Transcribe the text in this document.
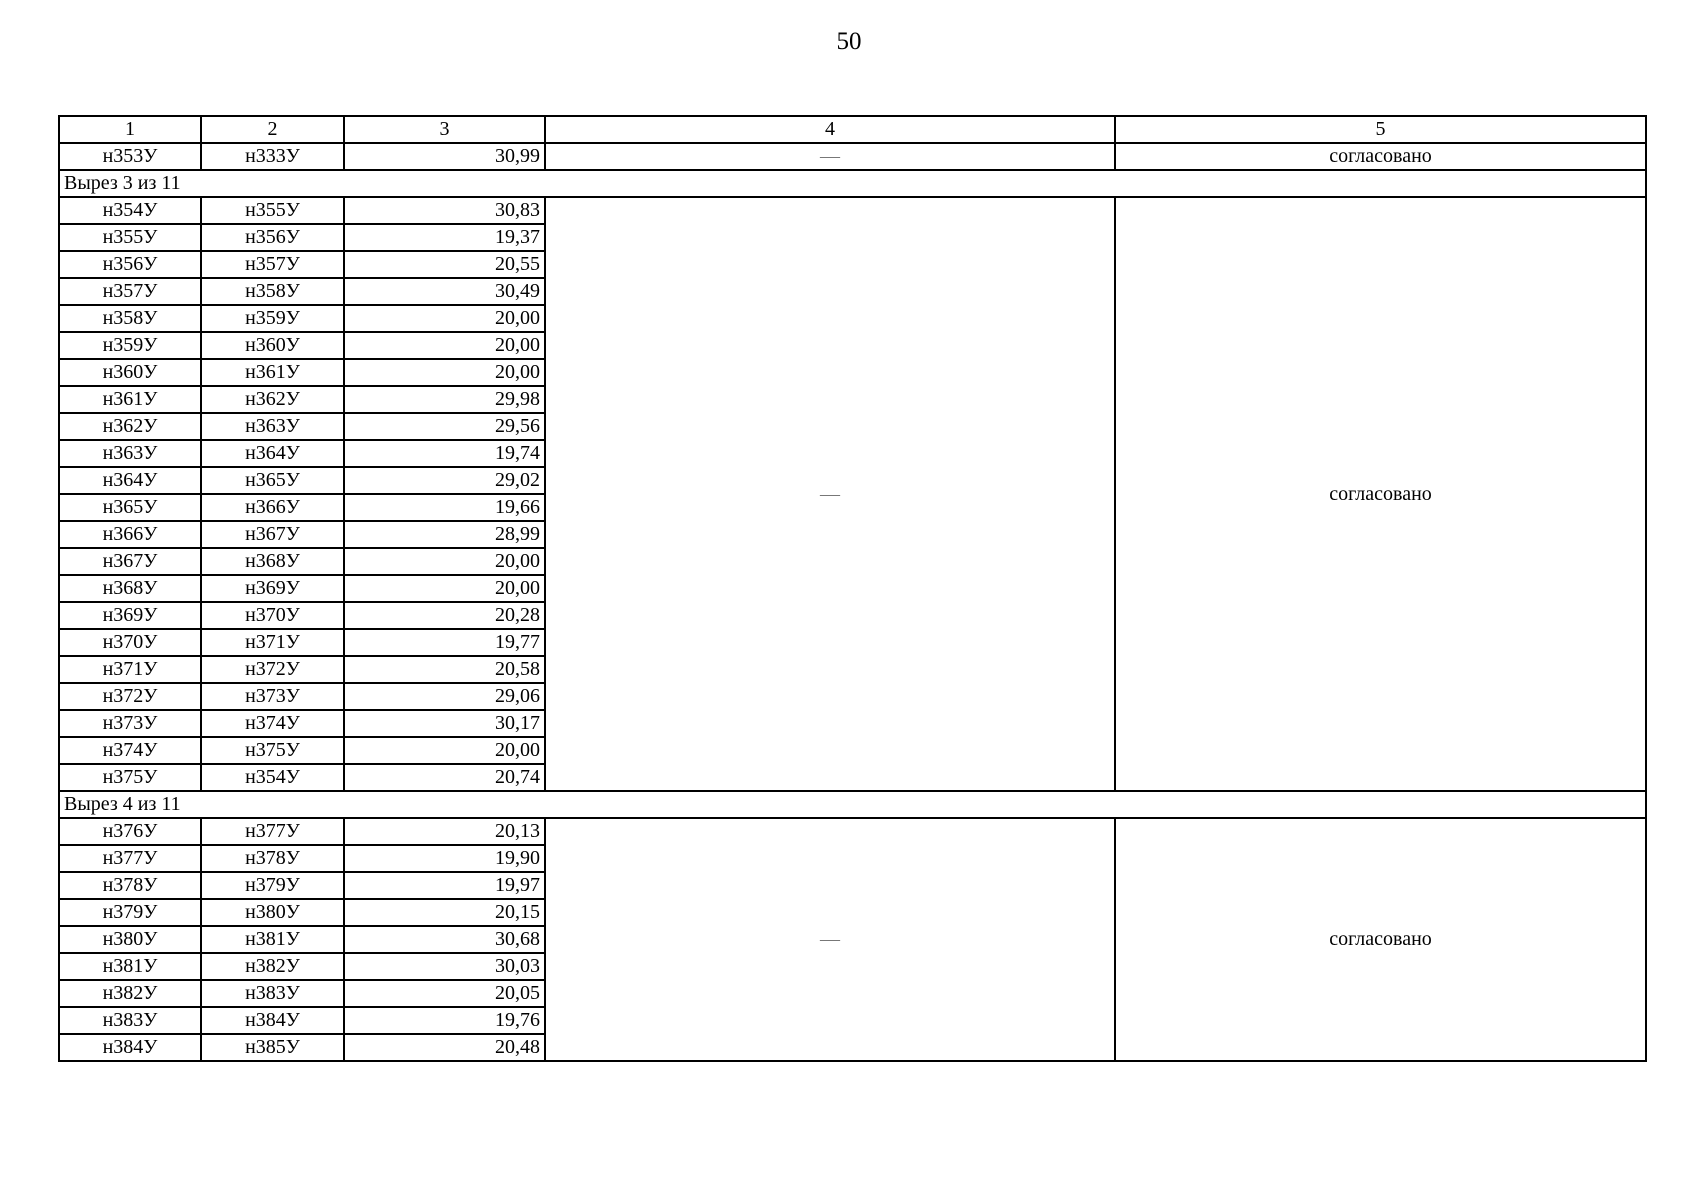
50
1	2	3	4	5
н353У	н333У	30,99	—	согласовано
Вырез 3 из 11				
н354У	н355У	30,83	—	согласовано
н355У	н356У	19,37		
н356У	н357У	20,55		
н357У	н358У	30,49		
н358У	н359У	20,00		
н359У	н360У	20,00		
н360У	н361У	20,00		
н361У	н362У	29,98		
н362У	н363У	29,56		
н363У	н364У	19,74		
н364У	н365У	29,02		
н365У	н366У	19,66		
н366У	н367У	28,99		
н367У	н368У	20,00		
н368У	н369У	20,00		
н369У	н370У	20,28		
н370У	н371У	19,77		
н371У	н372У	20,58		
н372У	н373У	29,06		
н373У	н374У	30,17		
н374У	н375У	20,00		
н375У	н354У	20,74		
Вырез 4 из 11				
н376У	н377У	20,13	—	согласовано
н377У	н378У	19,90		
н378У	н379У	19,97		
н379У	н380У	20,15		
н380У	н381У	30,68		
н381У	н382У	30,03		
н382У	н383У	20,05		
н383У	н384У	19,76		
н384У	н385У	20,48		
